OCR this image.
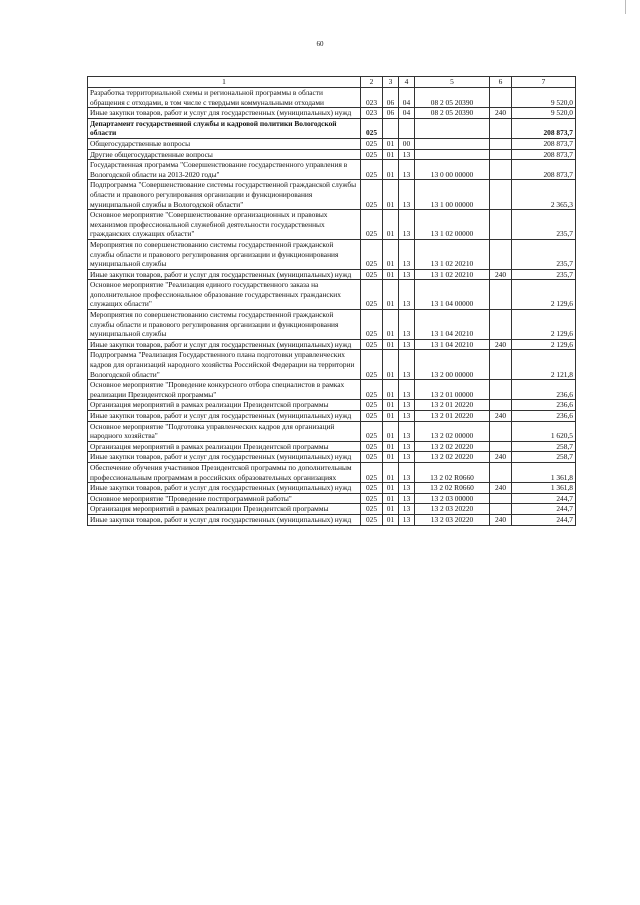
60
1	2	3	4	5	6	7
Разработка территориальной схемы и региональной программы в области обращения с отходами, в том числе с твердыми коммунальными отходами	023	06	04	08 2 05 20390		9 520,0
Иные закупки товаров, работ и услуг для государственных (муниципальных) нужд	023	06	04	08 2 05 20390	240	9 520,0
Департамент государственной службы и кадровой политики Вологодской области	025					208 873,7
Общегосударственные вопросы	025	01	00			208 873,7
Другие общегосударственные вопросы	025	01	13			208 873,7
Государственная программа "Совершенствование государственного управления в Вологодской области на 2013-2020 годы"	025	01	13	13 0 00 00000		208 873,7
Подпрограмма "Совершенствование системы государственной гражданской службы области и правового регулирования организации и функционирования муниципальной службы в Вологодской области"	025	01	13	13 1 00 00000		2 365,3
Основное мероприятие "Совершенствование организационных и правовых механизмов профессиональной служебной деятельности государственных гражданских служащих области"	025	01	13	13 1 02 00000		235,7
Мероприятия по совершенствованию системы государственной гражданской службы области и правового регулирования организации и функционирования муниципальной службы	025	01	13	13 1 02 20210		235,7
Иные закупки товаров, работ и услуг для государственных (муниципальных) нужд	025	01	13	13 1 02 20210	240	235,7
Основное мероприятие "Реализация единого государственного заказа на дополнительное профессиональное образование государственных гражданских служащих области"	025	01	13	13 1 04 00000		2 129,6
Мероприятия по совершенствованию системы государственной гражданской службы области и правового регулирования организации и функционирования муниципальной службы	025	01	13	13 1 04 20210		2 129,6
Иные закупки товаров, работ и услуг для государственных (муниципальных) нужд	025	01	13	13 1 04 20210	240	2 129,6
Подпрограмма "Реализация Государственного плана подготовки управленческих кадров для организаций народного хозяйства Российской Федерации на территории Вологодской области"	025	01	13	13 2 00 00000		2 121,8
Основное мероприятие "Проведение конкурсного отбора специалистов в рамках реализации Президентской программы"	025	01	13	13 2 01 00000		236,6
Организация мероприятий в рамках реализации Президентской программы	025	01	13	13 2 01 20220		236,6
Иные закупки товаров, работ и услуг для государственных (муниципальных) нужд	025	01	13	13 2 01 20220	240	236,6
Основное мероприятие "Подготовка управленческих кадров для организаций народного хозяйства"	025	01	13	13 2 02 00000		1 620,5
Организация мероприятий в рамках реализации Президентской программы	025	01	13	13 2 02 20220		258,7
Иные закупки товаров, работ и услуг для государственных (муниципальных) нужд	025	01	13	13 2 02 20220	240	258,7
Обеспечение обучения участников Президентской программы по дополнительным профессиональным программам в российских образовательных организациях	025	01	13	13 2 02 R0660		1 361,8
Иные закупки товаров, работ и услуг для государственных (муниципальных) нужд	025	01	13	13 2 02 R0660	240	1 361,8
Основное мероприятие "Проведение постпрограммной работы"	025	01	13	13 2 03 00000		244,7
Организация мероприятий в рамках реализации Президентской программы	025	01	13	13 2 03 20220		244,7
Иные закупки товаров, работ и услуг для государственных (муниципальных) нужд	025	01	13	13 2 03 20220	240	244,7
